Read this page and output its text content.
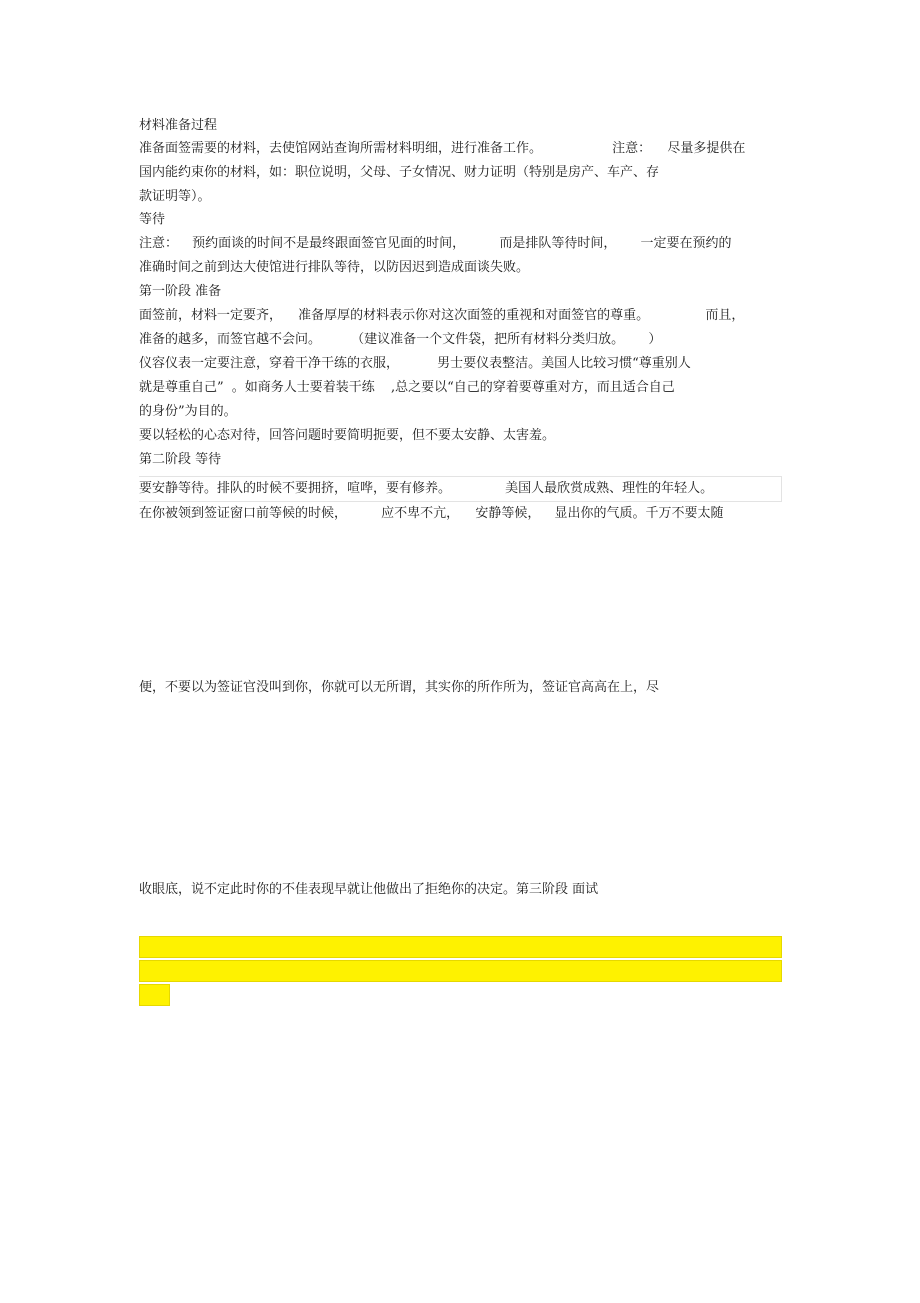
材料准备过程
准备面签需要的材料，去使馆网站查询所需材料明细，进行准备工作。	注意： 尽量多提供在
国内能约束你的材料，如：职位说明，父母、子女情况、财力证明（特别是房产、车产、存
款证明等）。
等待
注意： 预约面谈的时间不是最终跟面签官见面的时间，	而是排队等待时间， 一定要在预约的
准确时间之前到达大使馆进行排队等待，以防因迟到造成面谈失败。
第一阶段 准备
面签前，材料一定要齐， 准备厚厚的材料表示你对这次面签的重视和对面签官的尊重。	而且，
准备的越多，而签官越不会问。 （建议准备一个文件袋，把所有材料分类归放。 ）
仪容仪表一定要注意，穿着干净干练的衣服，	男士要仪表整洁。美国人比较习惯“尊重别人
就是尊重自己” 。如商务人士要着装干练 ,总之要以“自己的穿着要尊重对方，而且适合自己
的身份”为目的。
要以轻松的心态对待，回答问题时要简明扼要，但不要太安静、太害羞。
第二阶段 等待
要安静等待。排队的时候不要拥挤，喧哗，要有修养。	美国人最欣赏成熟、理性的年轻人。
在你被领到签证窗口前等候的时候，	应不卑不亢， 安静等候， 显出你的气质。千万不要太随
便，不要以为签证官没叫到你，你就可以无所谓，其实你的所作所为，签证官高高在上，尽
收眼底，说不定此时你的不佳表现早就让他做出了拒绝你的决定。第三阶段 面试
